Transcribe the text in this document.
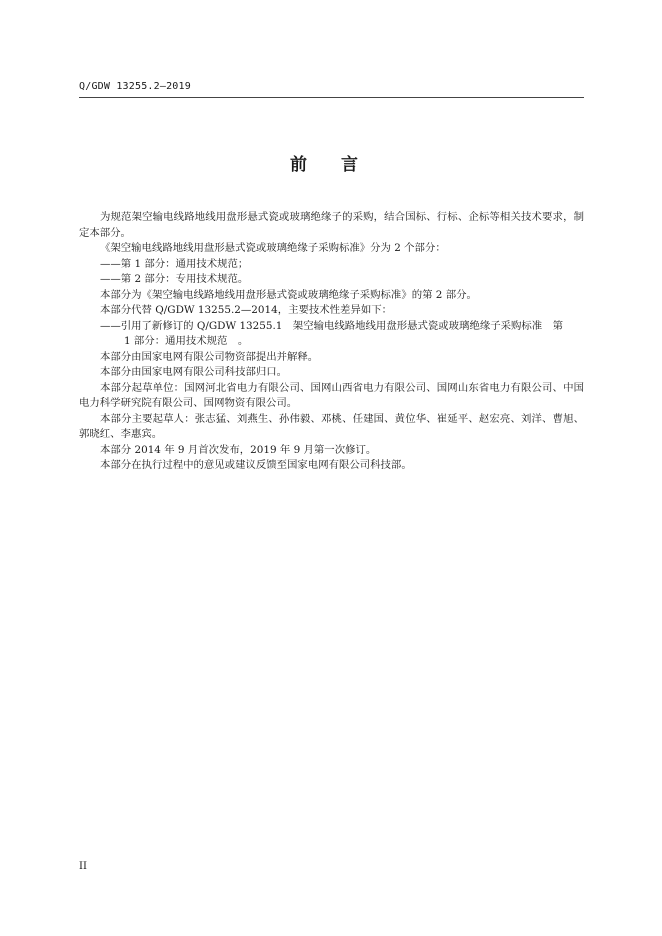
Q/GDW 13255.2—2019
前 言

为规范架空输电线路地线用盘形悬式瓷或玻璃绝缘子的采购，结合国标、行标、企标等相关技术要求，制定本部分。

《架空输电线路地线用盘形悬式瓷或玻璃绝缘子采购标准》分为 2 个部分：

——第 1 部分：通用技术规范；

——第 2 部分：专用技术规范。

本部分为《架空输电线路地线用盘形悬式瓷或玻璃绝缘子采购标准》的第 2 部分。

本部分代替 Q/GDW 13255.2—2014，主要技术性差异如下：

——引用了新修订的 Q/GDW 13255.1　架空输电线路地线用盘形悬式瓷或玻璃绝缘子采购标准　第

1 部分：通用技术规范　。

本部分由国家电网有限公司物资部提出并解释。

本部分由国家电网有限公司科技部归口。

本部分起草单位：国网河北省电力有限公司、国网山西省电力有限公司、国网山东省电力有限公司、中国电力科学研究院有限公司、国网物资有限公司。

本部分主要起草人：张志猛、刘燕生、孙伟毅、邓桃、任建国、黄位华、崔延平、赵宏亮、刘洋、曹旭、郭晓红、李惠宾。

本部分 2014 年 9 月首次发布，2019 年 9 月第一次修订。

本部分在执行过程中的意见或建议反馈至国家电网有限公司科技部。

II
